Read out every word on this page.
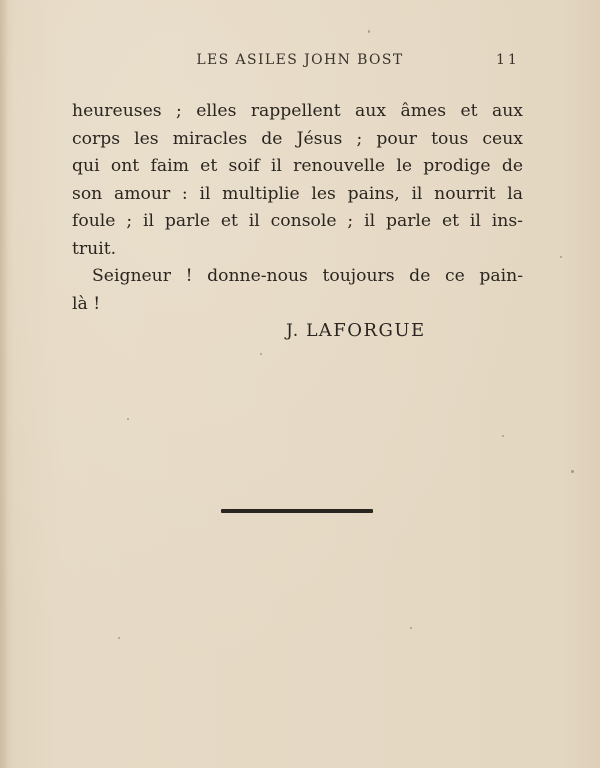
LES ASILES JOHN BOST	11
heureuses ; elles rappellent aux âmes et aux
corps les miracles de Jésus ; pour tous ceux
qui ont faim et soif il renouvelle le prodige de
son amour : il multiplie les pains, il nourrit la
foule ; il parle et il console ; il parle et il ins-
truit.
Seigneur ! donne-nous toujours de ce pain-
là !
J. LAFORGUE
